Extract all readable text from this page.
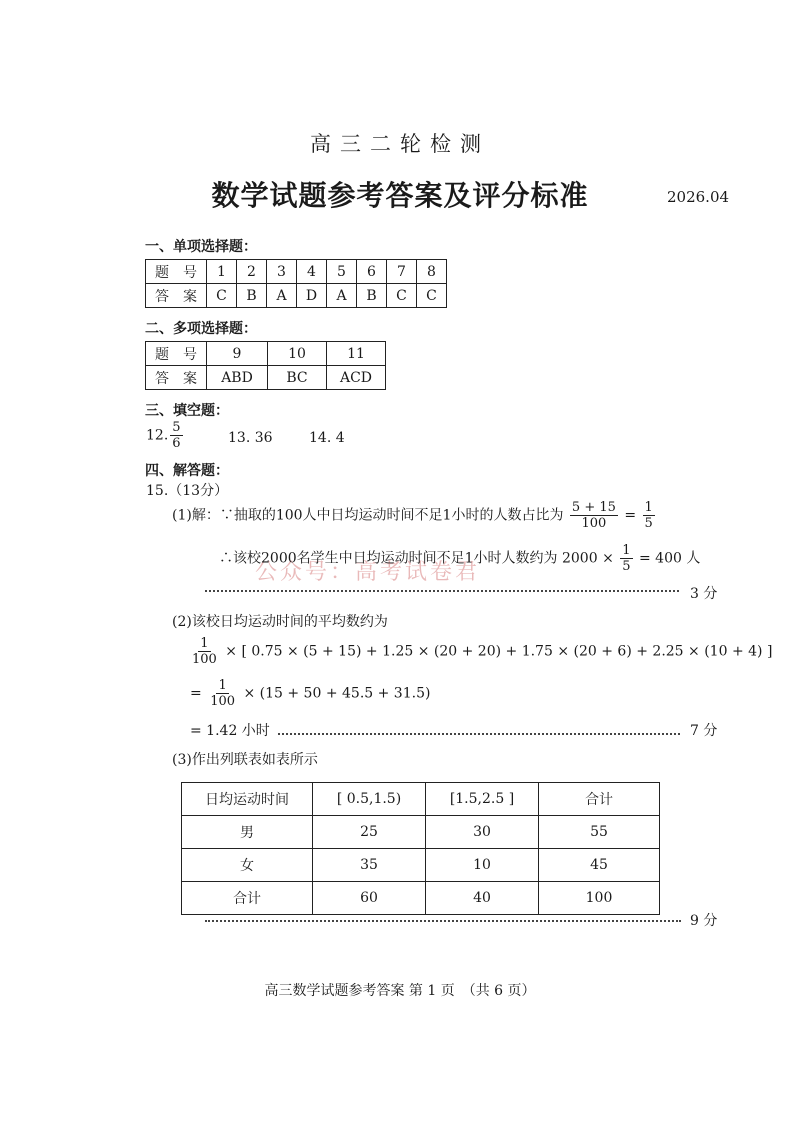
高三二轮检测
数学试题参考答案及评分标准	2026.04
一、单项选择题：
题　号	1	2	3	4	5	6	7	8
答　案	C	B	A	D	A	B	C	C
二、多项选择题：
题　号	9	10	11
答　案	ABD	BC	ACD
三、填空题：
12. $\frac{5}{6}$	13. 36	14. 4
四、解答题：
15.（13分）
(1)解：∵抽取的100人中日均运动时间不足1小时的人数占比为 $\frac{5 + 15}{100} = \frac{1}{5}$
公众号：高考试卷君
∴该校2000名学生中日均运动时间不足1小时人数约为 $2000 \times \frac{1}{5} = 400$ 人
3 分
(2)该校日均运动时间的平均数约为
$\frac{1}{100}$ × [ 0.75 × (5 + 15) + 1.25 × (20 + 20) + 1.75 × (20 + 6) + 2.25 × (10 + 4) ]
= $\frac{1}{100} \times (15 + 50 + 45.5 + 31.5)$
= 1.42 小时	7 分
(3)作出列联表如表所示
日均运动时间	[ 0.5,1.5)	[1.5,2.5 ]	合计
男	25	30	55
女	35	10	45
合计	60	40	100
9 分
高三数学试题参考答案 第 1 页　（共 6 页）
